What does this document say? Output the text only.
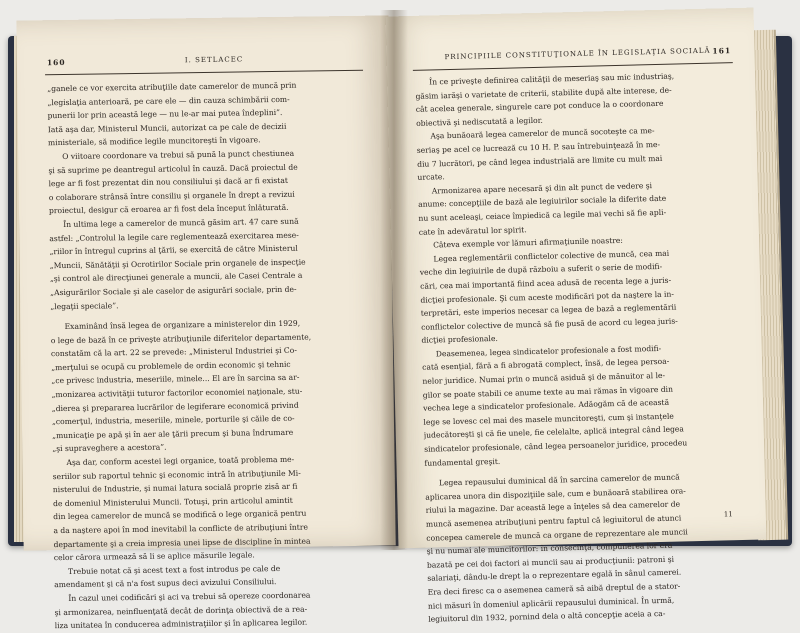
160	I. SETLACEC
„ganele ce vor exercita atribuţiile date camerelor de muncă prin
„legislaţia anterioară, pe care ele — din cauza schimbării com-
punerii lor prin această lege — nu le-ar mai putea îndeplini”.
Iată aşa dar, Ministerul Muncii, autorizat ca pe cale de decizii
ministeriale, să modifice legile muncitoreşti în vigoare.
O viitoare coordonare va trebui să pună la punct chestiunea
şi să suprime pe deantregul articolul în cauză. Dacă proiectul de
lege ar fi fost prezentat din nou consiliului şi dacă ar fi existat
o colaborare strânsă între consiliu şi organele în drept a revizui
proiectul, desigur că eroarea ar fi fost dela început înlăturată.
În ultima lege a camerelor de muncă găsim art. 47 care sună
astfel: „Controlul la legile care reglementează exercitarea mese-
„riilor în întregul cuprins al ţării, se exercită de către Ministerul
„Muncii, Sănătăţii şi Ocrotirilor Sociale prin organele de inspecţie
„şi control ale direcţiunei generale a muncii, ale Casei Centrale a
„Asigurărilor Sociale şi ale caselor de asigurări sociale, prin de-
„legaţii speciale”.
Examinând însă legea de organizare a ministerelor din 1929,
o lege de bază în ce priveşte atribuţiunile diferitelor departamente,
constatăm că la art. 22 se prevede: „Ministerul Industriei şi Co-
„merţului se ocupă cu problemele de ordin economic şi tehnic
„ce privesc industria, meseriile, minele... El are în sarcina sa ar-
„monizarea activităţii tuturor factorilor economiei naţionale, stu-
„dierea şi prepararea lucrărilor de legiferare economică privind
„comerţul, industria, meseriile, minele, porturile şi căile de co-
„municaţie pe apă şi în aer ale ţării precum şi buna îndrumare
„şi supraveghere a acestora”.
Aşa dar, conform acestei legi organice, toată problema me-
seriilor sub raportul tehnic şi economic intră în atribuţiunile Mi-
nisterului de Industrie, şi numai latura socială proprie zisă ar fi
de domeniul Ministerului Muncii. Totuşi, prin articolul amintit
din legea camerelor de muncă se modifică o lege organică pentru
a da naştere apoi în mod inevitabil la conflicte de atribuţiuni între
departamente şi a creia impresia unei lipse de discipline în mintea
celor cărora urmează să li se aplice măsurile legale.
Trebuie notat că şi acest text a fost introdus pe cale de
amendament şi că n'a fost supus deci avizului Consiliului.
În cazul unei codificări şi aci va trebui să opereze coordonarea
şi armonizarea, neinfluenţată decât de dorinţa obiectivă de a rea-
liza unitatea în conducerea administraţiilor şi în aplicarea legilor.
PRINCIPIILE CONSTITUŢIONALE ÎN LEGISLAŢIA SOCIALĂ 161
În ce priveşte definirea calităţii de meseriaş sau mic industriaş,
găsim iarăşi o varietate de criterii, stabilite după alte interese, de-
cât acelea generale, singurele care pot conduce la o coordonare
obiectivă şi nediscutată a legilor.
Aşa bunăoară legea camerelor de muncă socoteşte ca me-
seriaş pe acel ce lucrează cu 10 H. P. sau întrebuinţează în me-
diu 7 lucrători, pe când legea industrială are limite cu mult mai
urcate.
Armonizarea apare necesară şi din alt punct de vedere şi
anume: concepţiile de bază ale legiuirilor sociale la diferite date
nu sunt aceleaşi, ceiace împiedică ca legile mai vechi să fie apli-
cate în adevăratul lor spirit.
Câteva exemple vor lămuri afirmaţiunile noastre:
Legea reglementării conflictelor colective de muncă, cea mai
veche din legiuirile de după războiu a suferit o serie de modifi-
cări, cea mai importantă fiind acea adusă de recenta lege a juris-
dicţiei profesionale. Şi cum aceste modificări pot da naştere la in-
terpretări, este imperios necesar ca legea de bază a reglementării
conflictelor colective de muncă să fie pusă de acord cu legea juris-
dicţiei profesionale.
Deasemenea, legea sindicatelor profesionale a fost modifi-
cată esenţial, fără a fi abrogată complect, însă, de legea persoa-
nelor juridice. Numai prin o muncă asiduă şi de mănuitor al le-
gilor se poate stabili ce anume texte au mai rămas în vigoare din
vechea lege a sindicatelor profesionale. Adăogăm că de această
lege se lovesc cel mai des masele muncitoreşti, cum şi instanţele
judecătoreşti şi că fie unele, fie celelalte, aplică integral când legea
sindicatelor profesionale, când legea persoanelor juridice, procedeu
fundamental greşit.
Legea repausului duminical dă în sarcina camerelor de muncă
aplicarea unora din dispoziţiile sale, cum e bunăoară stabilirea ora-
riului la magazine. Dar această lege a înţeles să dea camerelor de
muncă asemenea atribuţiuni pentru faptul că legiuitorul de atunci
concepea camerele de muncă ca organe de reprezentare ale muncii
şi nu numai ale muncitorilor: în consecinţă, compunerea lor era
bazată pe cei doi factori ai muncii sau ai producţiunii: patroni şi
salariaţi, dându-le drept la o reprezentare egală în sânul camerei.
Era deci firesc ca o asemenea cameră să aibă dreptul de a stator-
nici măsuri în domeniul aplicării repausului duminical. În urmă,
legiuitorul din 1932, pornind dela o altă concepţie aceia a ca-
11
